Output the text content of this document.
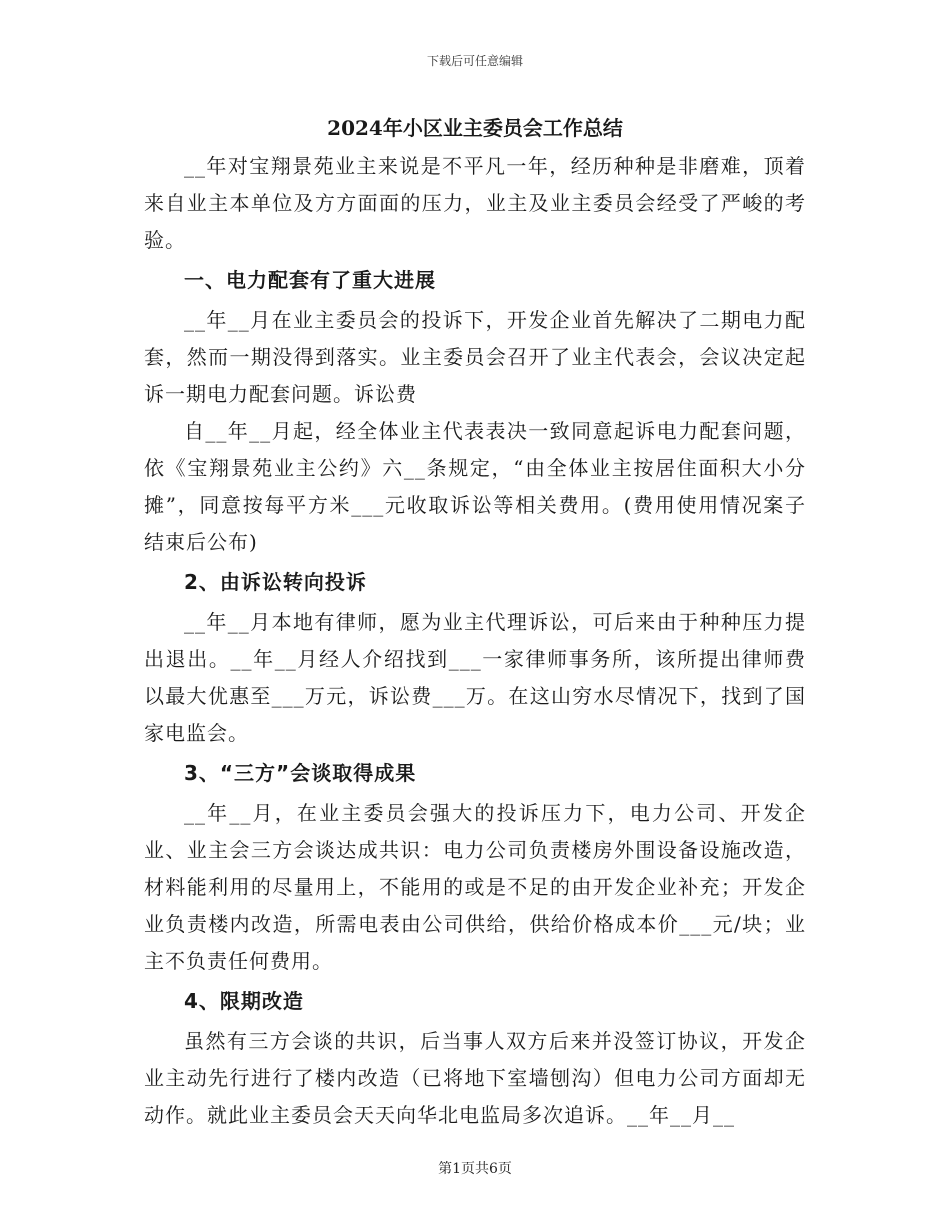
下载后可任意编辑
2024年小区业主委员会工作总结

__年对宝翔景苑业主来说是不平凡一年，经历种种是非磨难，顶着来自业主本单位及方方面面的压力，业主及业主委员会经受了严峻的考验。

一、电力配套有了重大进展

__年__月在业主委员会的投诉下，开发企业首先解决了二期电力配套，然而一期没得到落实。业主委员会召开了业主代表会，会议决定起诉一期电力配套问题。诉讼费

自__年__月起，经全体业主代表表决一致同意起诉电力配套问题，依《宝翔景苑业主公约》六__条规定，“由全体业主按居住面积大小分摊”，同意按每平方米___元收取诉讼等相关费用。(费用使用情况案子结束后公布)

2、由诉讼转向投诉

__年__月本地有律师，愿为业主代理诉讼，可后来由于种种压力提出退出。__年__月经人介绍找到___一家律师事务所，该所提出律师费以最大优惠至___万元，诉讼费___万。在这山穷水尽情况下，找到了国家电监会。

3、“三方”会谈取得成果

__年__月，在业主委员会强大的投诉压力下，电力公司、开发企业、业主会三方会谈达成共识：电力公司负责楼房外围设备设施改造，材料能利用的尽量用上，不能用的或是不足的由开发企业补充；开发企业负责楼内改造，所需电表由公司供给，供给价格成本价___元/块；业主不负责任何费用。

4、限期改造

虽然有三方会谈的共识，后当事人双方后来并没签订协议，开发企业主动先行进行了楼内改造（已将地下室墙刨沟）但电力公司方面却无动作。就此业主委员会天天向华北电监局多次追诉。__年__月__

第1页共6页
